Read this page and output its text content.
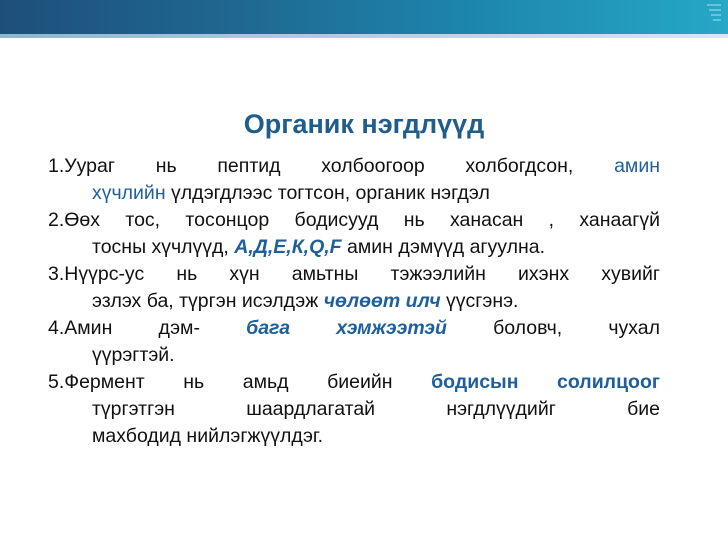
Органик нэгдлүүд
1.Уураг нь пептид холбоогоор холбогдсон, амин
хүчлийн үлдэгдлээс тогтсон, органик нэгдэл
2.Өөх тос, тосонцор бодисууд нь ханасан , ханаагүй
тосны хүчлүүд, А,Д,Е,К,Q,F амин дэмүүд агуулна.
3.Нүүрс-ус нь хүн амьтны тэжээлийн ихэнх хувийг
эзлэх ба, түргэн исэлдэж чөлөөт илч үүсгэнэ.
4.Амин дэм- бага хэмжээтэй боловч, чухал
үүрэгтэй.
5.Фермент нь амьд биеийн бодисын солилцоог
түргэтгэн шаардлагатай нэгдлүүдийг бие
махбодид нийлэгжүүлдэг.
